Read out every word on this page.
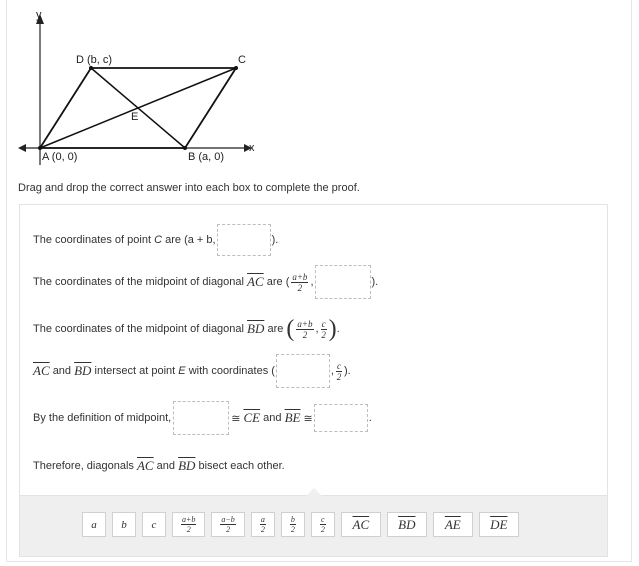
y
x
A (0, 0)	B (a, 0)
C
D (b, c)
E
Drag and drop the correct answer into each box to complete the proof.
The coordinates of point
C
are (a + b,	).
The coordinates of the midpoint of diagonal
$\overline{AC}$
are ( $\frac{a+b}{2}$ ,	).
The coordinates of the midpoint of diagonal
$\overline{BD}$
are
( $\frac{a+b}{2}$ , $\frac{c}{2}$ ) .
$\overline{AC}$
and
$\overline{BD}$
intersect at point
E
with coordinates (	, $\frac{c}{2}$ ).
By the definition of midpoint,	≅
$\overline{CE}$
and
$\overline{BE}$
≅	.
Therefore, diagonals
$\overline{AC}$
and
$\overline{BD}$
bisect each other.
a b c	$\frac{a+b}{2}$	$\frac{a-b}{2}$	$\frac{a}{2}$	$\frac{b}{2}$	$\frac{c}{2} \overline{AC}$ $\overline{BD}$ $\overline{AE}$ $\overline{DE}$
